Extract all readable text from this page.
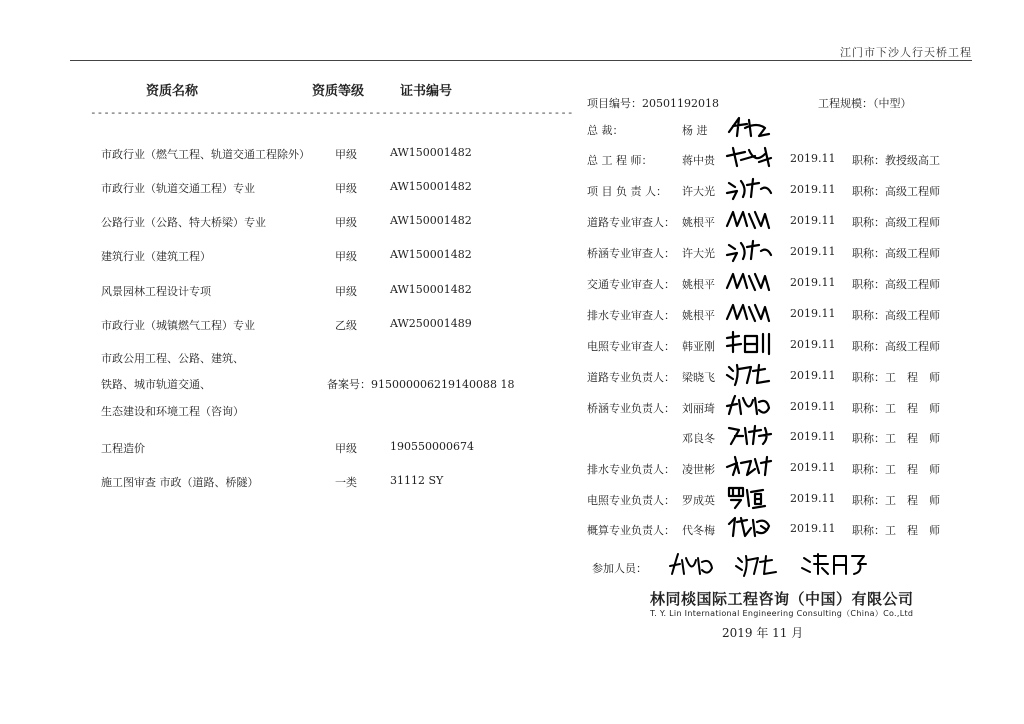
江门市下沙人行天桥工程
资质名称	资质等级	证书编号
-------------------------------------------------------------------------
市政行业（燃气工程、轨道交通工程除外） 甲级	AW150001482
市政行业（轨道交通工程）专业	甲级	AW150001482
公路行业（公路、特大桥梁）专业	甲级	AW150001482
建筑行业（建筑工程）	甲级	AW150001482
风景园林工程设计专项	甲级	AW150001482
市政行业（城镇燃气工程）专业	乙级	AW250001489
市政公用工程、公路、建筑、
铁路、城市轨道交通、	备案号：915000006219140088 18
生态建设和环境工程（咨询）
工程造价	甲级	190550000674
施工图审查 市政（道路、桥隧）	一类	31112 SY
项目编号：20501192018	工程规模：（中型）
总 裁：	杨 进
总 工 程 师：	蒋中贵	2019.11 职称：教授级高工
项 目 负 责 人： 许大光	2019.11 职称：高级工程师
道路专业审查人： 姚根平	2019.11 职称：高级工程师
桥涵专业审查人： 许大光	2019.11 职称：高级工程师
交通专业审查人： 姚根平	2019.11 职称：高级工程师
排水专业审查人： 姚根平	2019.11 职称：高级工程师
电照专业审查人： 韩亚刚	2019.11 职称：高级工程师
道路专业负责人： 梁晓飞	2019.11 职称：工　程　师
桥涵专业负责人： 刘丽琦	2019.11 职称：工　程　师
邓良冬	2019.11 职称：工　程　师
排水专业负责人： 凌世彬	2019.11 职称：工　程　师
电照专业负责人： 罗成英	2019.11 职称：工　程　师
概算专业负责人： 代冬梅	2019.11 职称：工　程　师
参加人员：
林同棪国际工程咨询（中国）有限公司
T. Y. Lin International Engineering Consulting（China）Co.,Ltd
2019 年 11 月
